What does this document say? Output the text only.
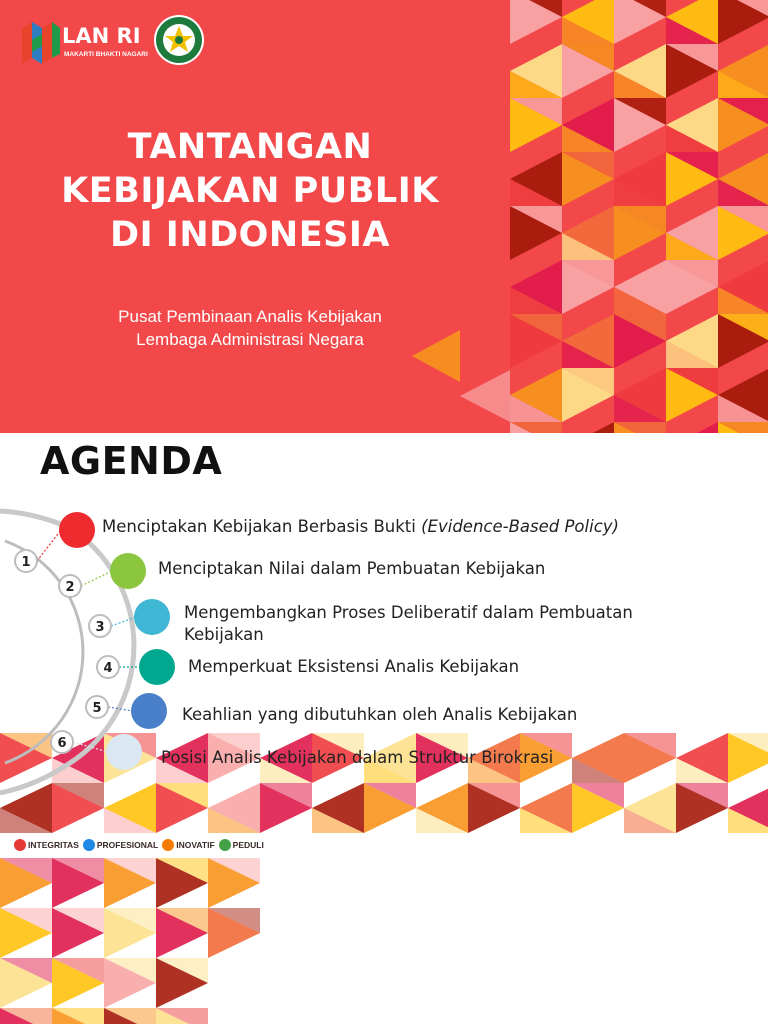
LAN RI
MAKARTI BHAKTI NAGARI
TANTANGAN
KEBIJAKAN PUBLIK
DI INDONESIA
Pusat Pembinaan Analis Kebijakan
Lembaga Administrasi Negara
AGENDA
1
2
3
4
5
6
Menciptakan Kebijakan Berbasis Bukti (Evidence-Based Policy)
Menciptakan Nilai dalam Pembuatan Kebijakan
Mengembangkan Proses Deliberatif dalam Pembuatan
Kebijakan
Memperkuat Eksistensi Analis Kebijakan
Keahlian yang dibutuhkan oleh Analis Kebijakan
Posisi Analis Kebijakan dalam Struktur Birokrasi
INTEGRITAS PROFESIONAL INOVATIF PEDULI
